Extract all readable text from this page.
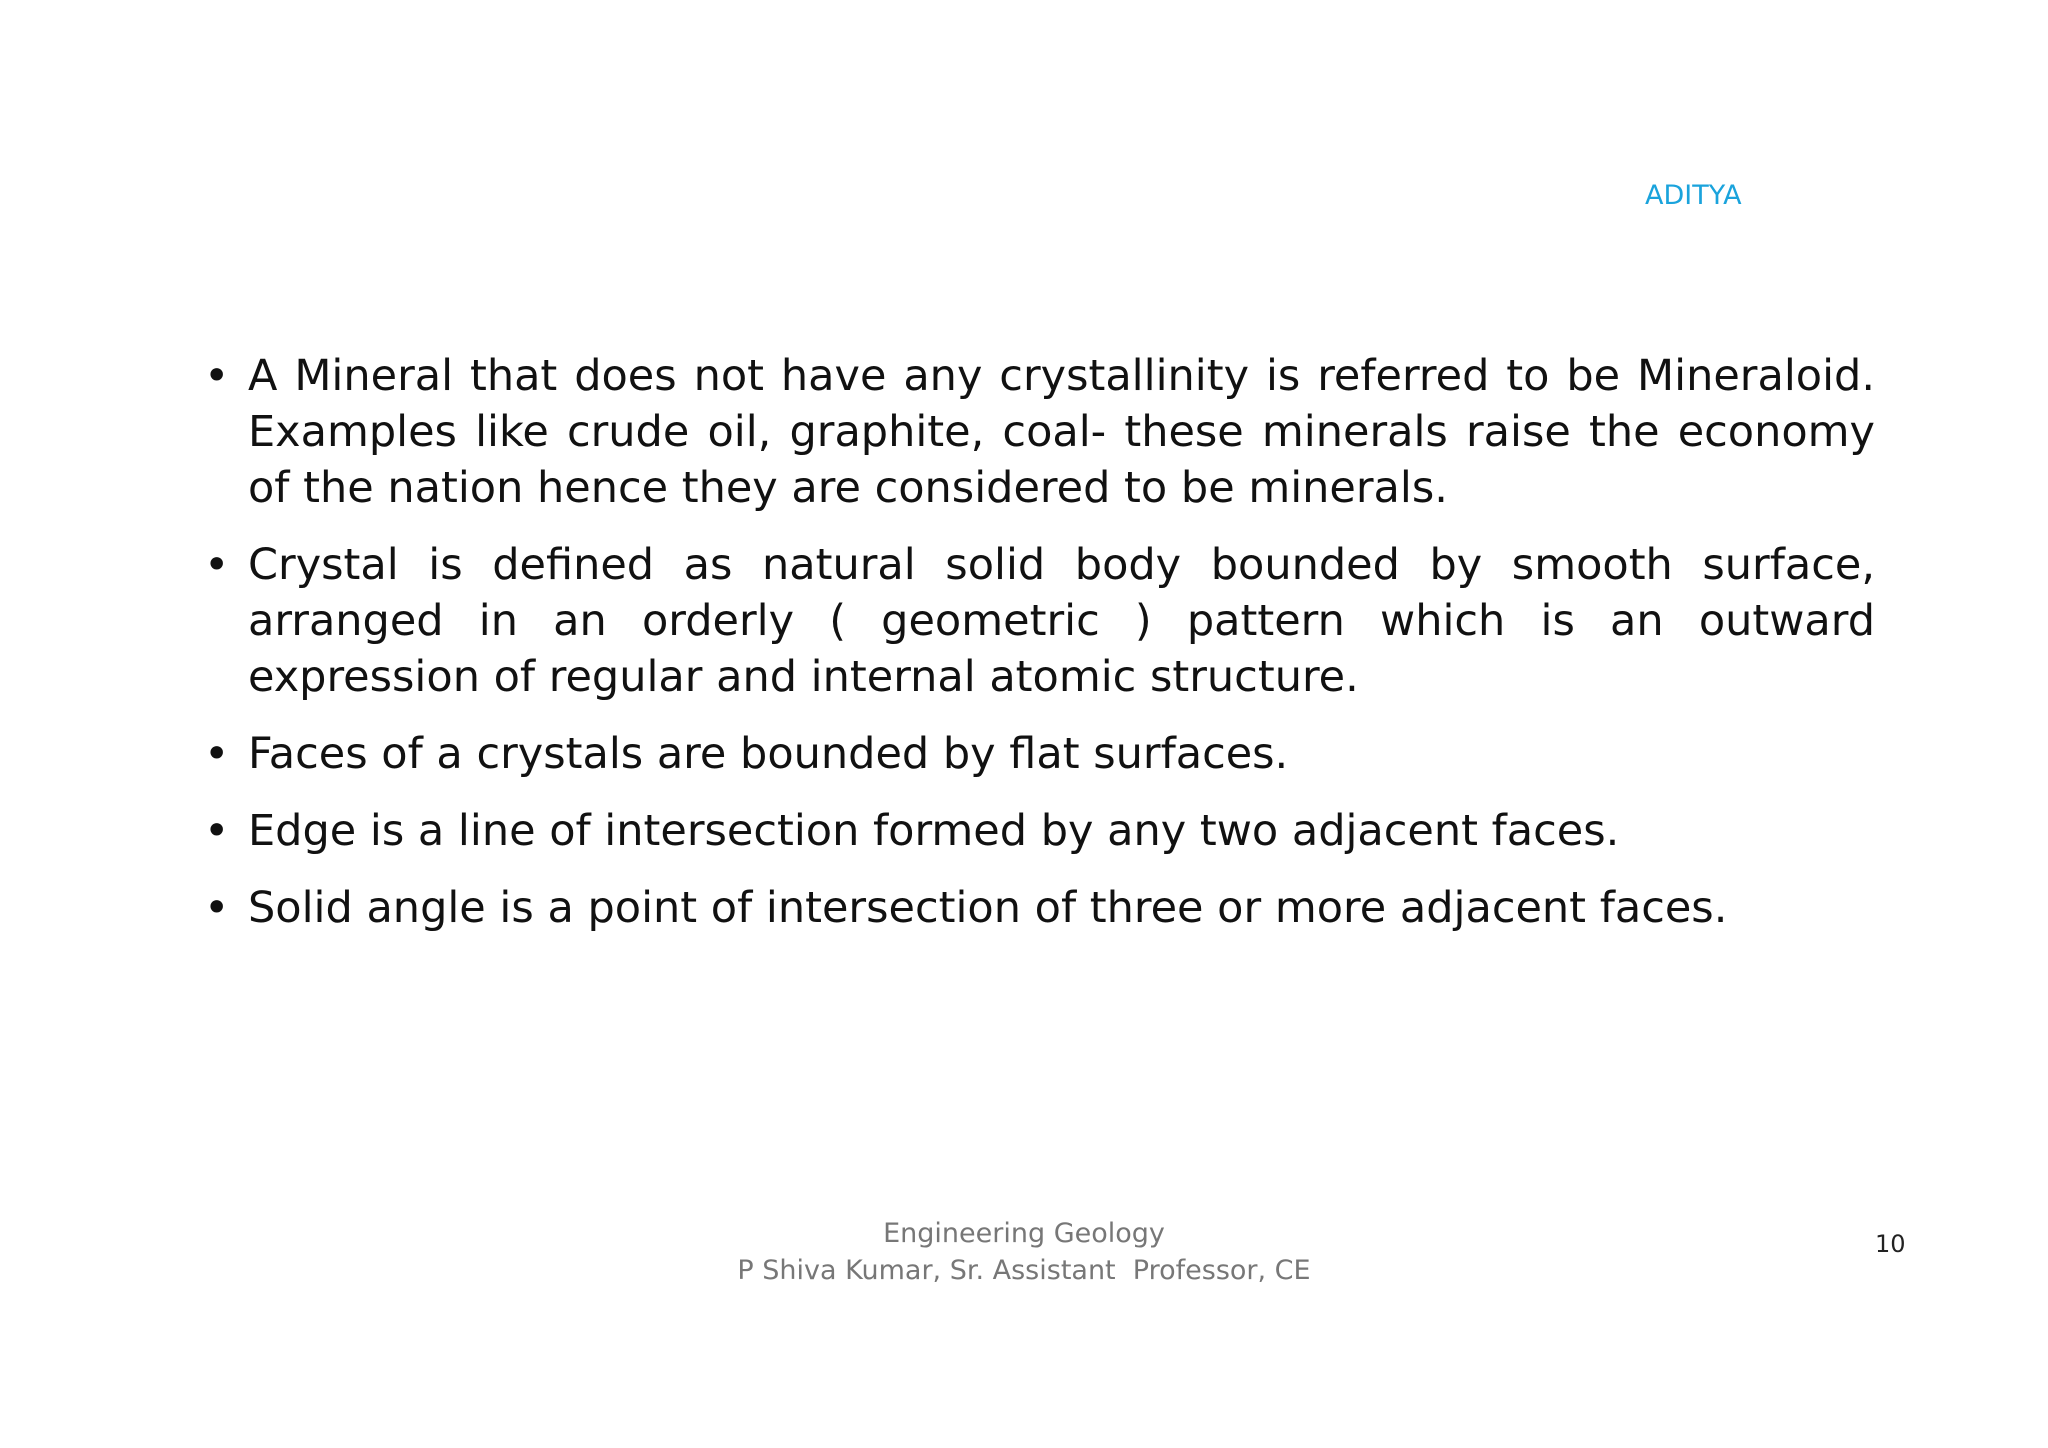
ADITYA
• A Mineral that does not have any crystallinity is referred to be Mineraloid. Examples like crude oil, graphite, coal- these minerals raise the economy of the nation hence they are considered to be minerals.
• Crystal is defined as natural solid body bounded by smooth surface, arranged in an orderly ( geometric ) pattern which is an outward expression of regular and internal atomic structure.
• Faces of a crystals are bounded by flat surfaces.
• Edge is a line of intersection formed by any two adjacent faces.
• Solid angle is a point of intersection of three or more adjacent faces.
Engineering Geology
P Shiva Kumar, Sr. Assistant  Professor, CE
10
